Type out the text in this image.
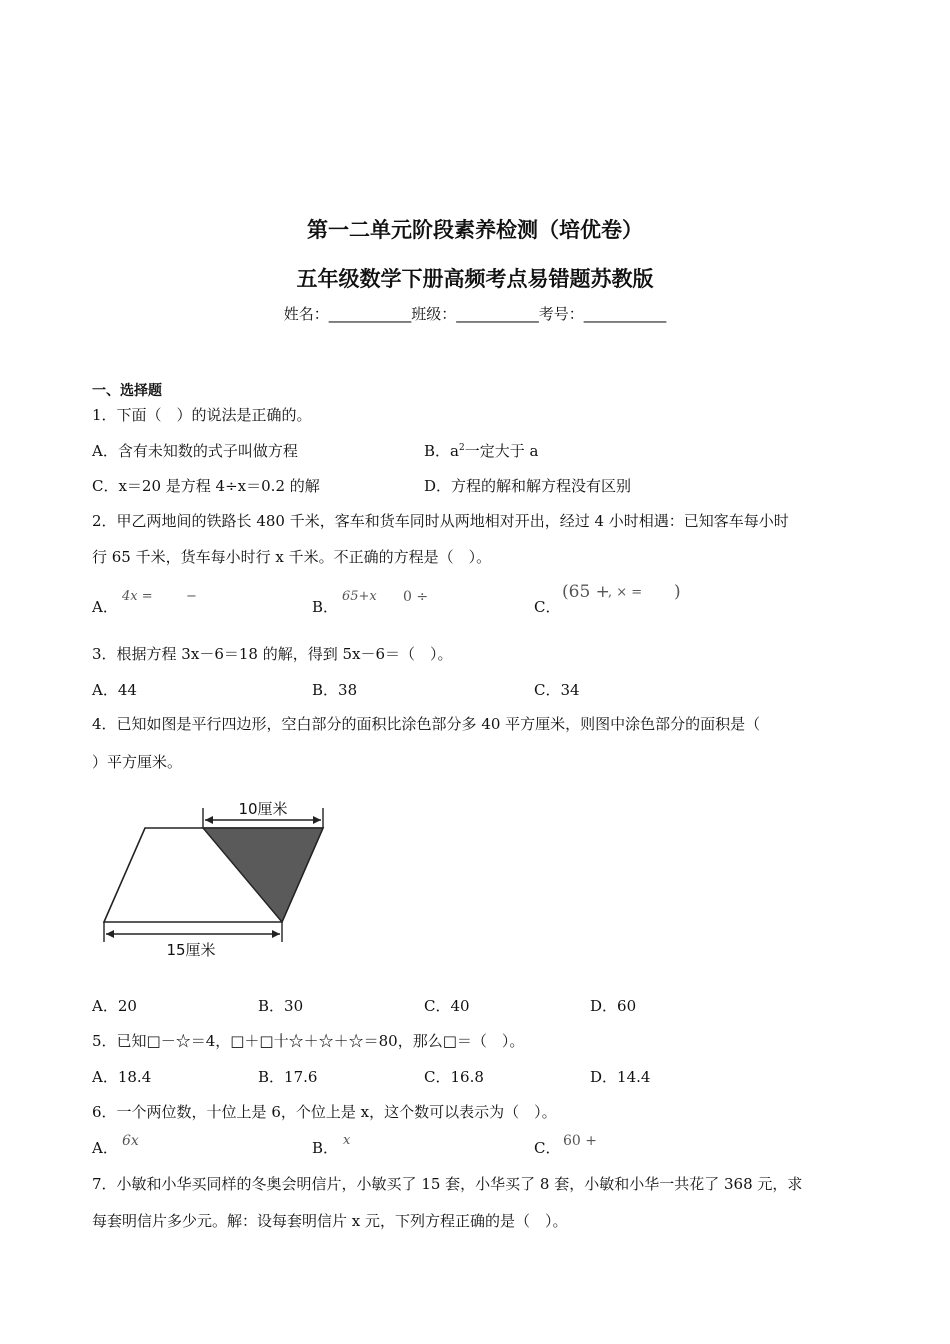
第一二单元阶段素养检测（培优卷）
五年级数学下册高频考点易错题苏教版
姓名：___________班级：___________考号：___________
一、选择题
1．下面（　）的说法是正确的。
A．含有未知数的式子叫做方程	B．$a^2$一定大于 a
C．x＝20 是方程 4÷x＝0.2 的解	D．方程的解和解方程没有区别
2．甲乙两地间的铁路长 480 千米，客车和货车同时从两地相对开出，经过 4 小时相遇：已知客车每小时
行 65 千米，货车每小时行 x 千米。不正确的方程是（　）。
A．
4x =	−
B．
65+x 0 ÷
C．
(65 +
, × = )
3．根据方程 3x－6＝18 的解，得到 5x－6＝（　）。
A．44	B．38	C．34
4．已知如图是平行四边形，空白部分的面积比涂色部分多 40 平方厘米，则图中涂色部分的面积是（
）平方厘米。
10厘米
15厘米
A．20	B．30	C．40	D．60
5．已知□－☆＝4，□＋□十☆＋☆＋☆＝80，那么□＝（　）。
A．18.4	B．17.6	C．16.8	D．14.4
6．一个两位数，十位上是 6，个位上是 x，这个数可以表示为（　）。
A． 6x	B． x	C． 60 +
7．小敏和小华买同样的冬奥会明信片，小敏买了 15 套，小华买了 8 套，小敏和小华一共花了 368 元，求
每套明信片多少元。解：设每套明信片 x 元，下列方程正确的是（　）。
